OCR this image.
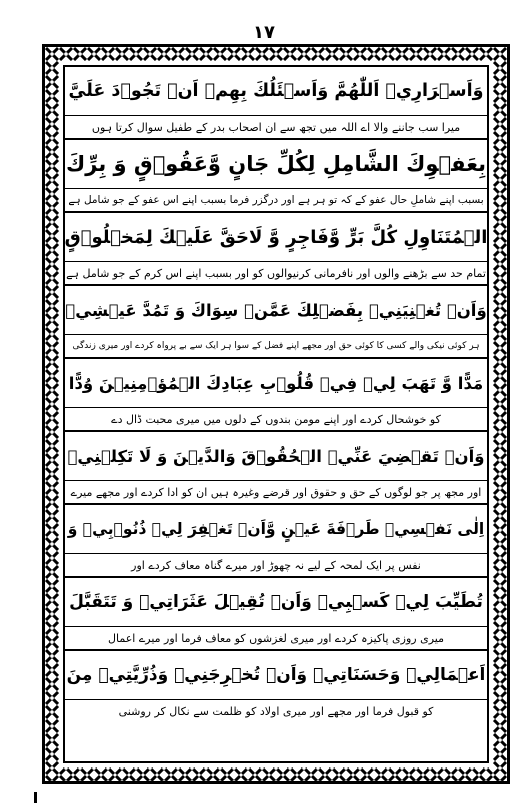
۱۷
وَاَسۡرَارِيۡ اَللّٰهُمَّ وَاَسۡئَلُكَ بِهِمۡ اَنۡ تَجُوۡدَ عَلَيَّ
میرا سب جاننے والا اے اللہ میں تجھ سے ان اصحاب بدر کے طفیل سوال کرتا ہوں
بِعَفۡوِكَ الشَّامِلِ لِكُلِّ جَانٍ وَّعَقُوۡقٍ وَ بِرِّكَ
بسبب اپنے شاملِ حال عفو کے کہ تو ہر ہے اور درگزر فرما بسبب اپنے اس عفو کے جو شامل ہے
الۡمُتَنَاوِلِ كُلَّ بَرٍّ وَّفَاجِرٍ وَّ لَاحَقَّ عَلَيۡكَ لِمَخۡلُوۡقٍ
تمام حد سے بڑھنے والوں اور نافرمانی کرنیوالوں کو اور بسبب اپنے اس کرم کے جو شامل ہے
وَاَنۡ تُغۡنِيَنِيۡ بِفَضۡلِكَ عَمَّنۡ سِوَاكَ وَ تَمُدَّ عَيۡشِيۡ
ہر کوئی نیکی والے کسی کا کوئی حق اور مجھے اپنے فضل کے سوا ہر ایک سے بے پرواہ کردے اور میری زندگی
مَدًّا وَّ تَهَبَ لِيۡ فِيۡ قُلُوۡبِ عِبَادِكَ الۡمُؤۡمِنِيۡنَ وُدًّا
کو خوشحال کردے اور اپنے مومن بندوں کے دلوں میں میری محبت ڈال دے
وَاَنۡ تَقۡضِيَ عَنِّيۡ الۡحُقُوۡقَ وَالدَّيۡنَ وَ لَا تَكِلۡنِيۡ
اور مجھ پر جو لوگوں کے حق و حقوق اور قرضے وغیرہ ہیں ان کو ادا کردے اور مجھے میرے
اِلٰى نَفۡسِيۡ طَرۡفَةَ عَيۡنٍ وَّاَنۡ تَغۡفِرَ لِيۡ ذُنُوۡبِيۡ وَ
نفس پر ایک لمحہ کے لیے نہ چھوڑ اور میرے گناہ معاف کردے اور
تُطَيِّبَ لِيۡ كَسۡبِيۡ وَاَنۡ تُقِيۡلَ عَثَرَاتِيۡ وَ تَتَقَبَّلَ
میری روزی پاکیزہ کردے اور میری لغزشوں کو معاف فرما اور میرے اعمال
اَعۡمَالِيۡ وَحَسَنَاتِيۡ وَاَنۡ تُخۡرِجَنِيۡ وَذُرِّيَّتِيۡ مِنَ
کو قبول فرما اور مجھے اور میری اولاد کو ظلمت سے نکال کر روشنی
